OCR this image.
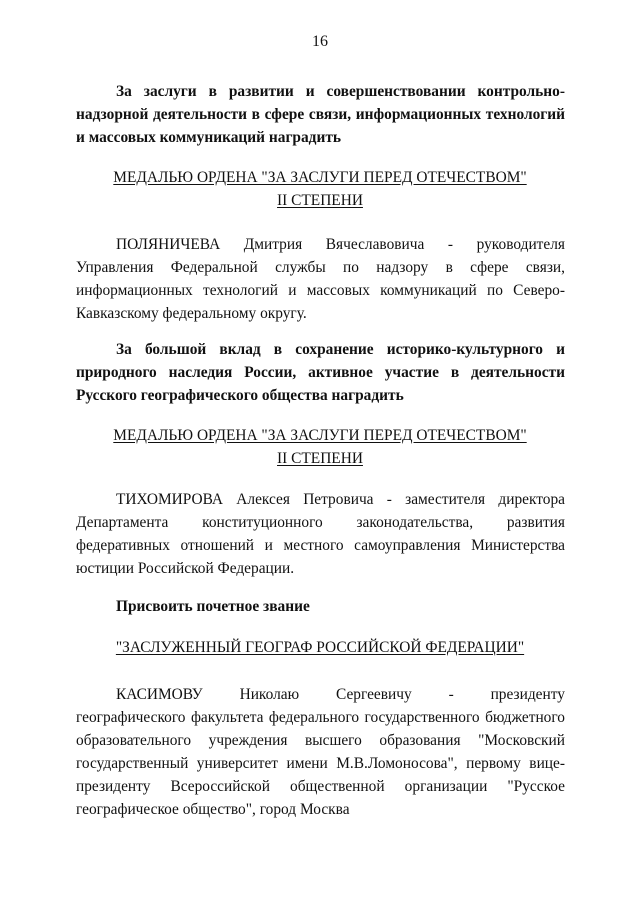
16

За заслуги в развитии и совершенствовании контрольно-надзорной деятельности в сфере связи, информационных технологий и массовых коммуникаций наградить

МЕДАЛЬЮ ОРДЕНА "ЗА ЗАСЛУГИ ПЕРЕД ОТЕЧЕСТВОМ"
II СТЕПЕНИ

ПОЛЯНИЧЕВА Дмитрия Вячеславовича - руководителя Управления Федеральной службы по надзору в сфере связи, информационных технологий и массовых коммуникаций по Северо-Кавказскому федеральному округу.

За большой вклад в сохранение историко-культурного и природного наследия России, активное участие в деятельности Русского географического общества наградить

МЕДАЛЬЮ ОРДЕНА "ЗА ЗАСЛУГИ ПЕРЕД ОТЕЧЕСТВОМ"
II СТЕПЕНИ

ТИХОМИРОВА Алексея Петровича - заместителя директора Департамента конституционного законодательства, развития федеративных отношений и местного самоуправления Министерства юстиции Российской Федерации.

Присвоить почетное звание

"ЗАСЛУЖЕННЫЙ ГЕОГРАФ РОССИЙСКОЙ ФЕДЕРАЦИИ"

КАСИМОВУ Николаю Сергеевичу - президенту
географического факультета федерального государственного бюджетного образовательного учреждения высшего образования "Московский государственный университет имени М.В.Ломоносова", первому вице-президенту Всероссийской общественной организации "Русское географическое общество", город Москва
